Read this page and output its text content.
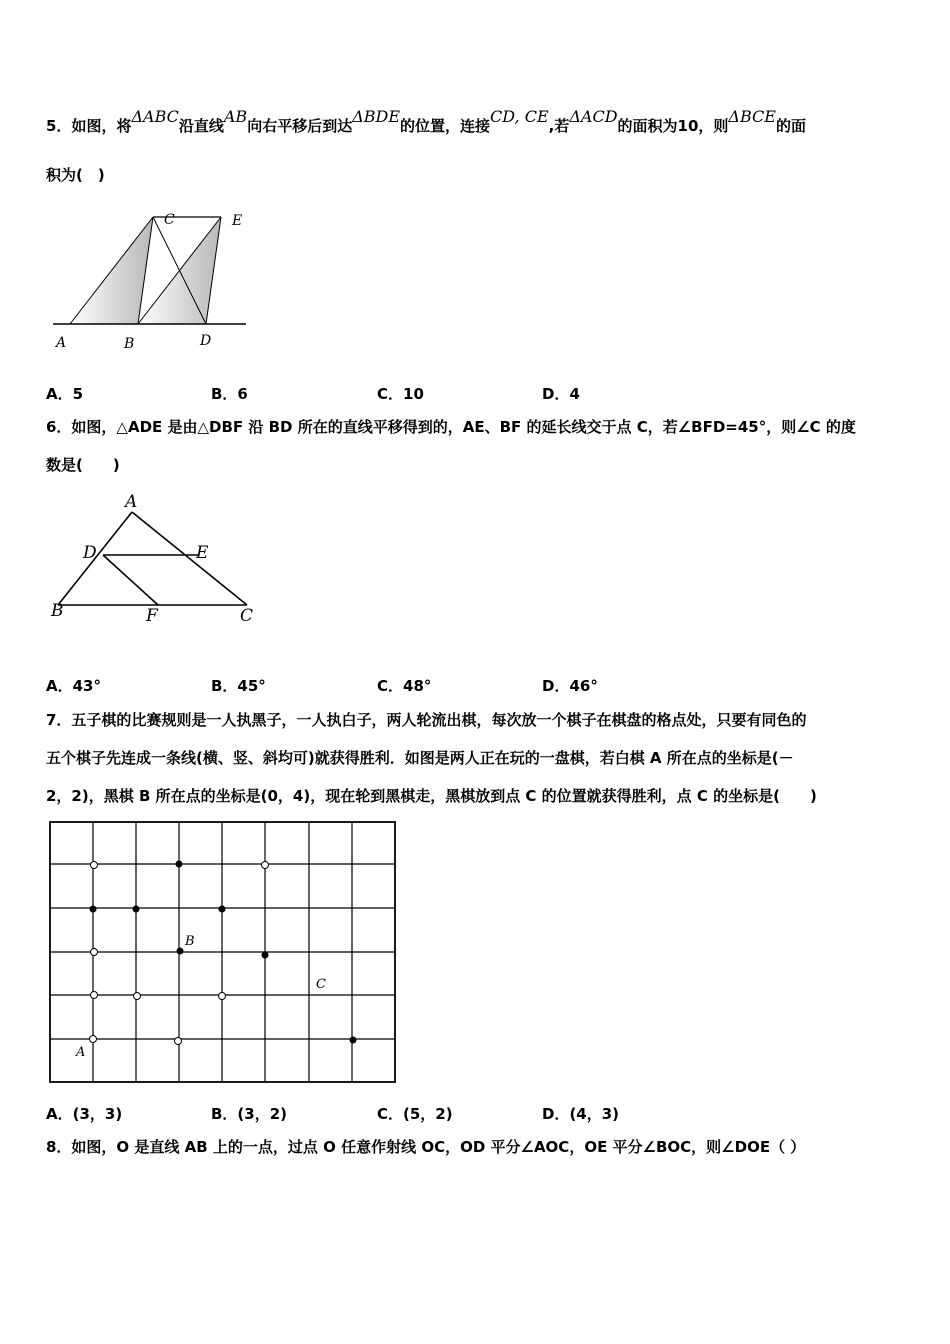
5．如图，将ΔABC沿直线AB向右平移后到达ΔBDE的位置，连接CD, CE,若ΔACD的面积为10，则ΔBCE的面
积为(　)
A	B
C
D
E
A．5	B．6	C．10	D．4
6．如图，△ADE 是由△DBF 沿 BD 所在的直线平移得到的，AE、BF 的延长线交于点 C，若∠BFD=45°，则∠C 的度
数是(　　)
A
D	E
B	F	C
A．43°	B．45°	C．48°	D．46°
7．五子棋的比赛规则是一人执黑子，一人执白子，两人轮流出棋，每次放一个棋子在棋盘的格点处，只要有同色的
五个棋子先连成一条线(横、竖、斜均可)就获得胜利．如图是两人正在玩的一盘棋，若白棋 A 所在点的坐标是(－
2，2)，黑棋 B 所在点的坐标是(0，4)，现在轮到黑棋走，黑棋放到点 C 的位置就获得胜利，点 C 的坐标是(　　)
B
C
A
A．(3，3)	B．(3，2)	C．(5，2)	D．(4，3)
8．如图，O 是直线 AB 上的一点，过点 O 任意作射线 OC，OD 平分∠AOC，OE 平分∠BOC，则∠DOE（ ）
